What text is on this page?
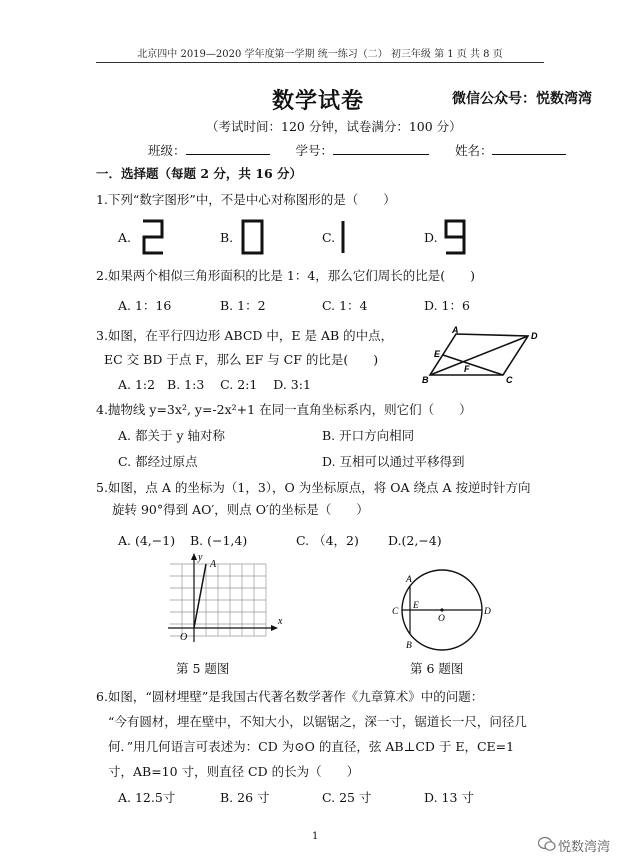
北京四中 2019—2020 学年度第一学期 统一练习（二） 初三年级 第 1 页 共 8 页
数学试卷	微信公众号：悦数湾湾
（考试时间：120 分钟，试卷满分：100 分）
班级：	学号：	姓名：
一．选择题（每题 2 分，共 16 分）
1.下列“数字图形”中，不是中心对称图形的是（　　）
A.	B.	C.	D.
2.如果两个相似三角形面积的比是 1：4，那么它们周长的比是(　　)
A. 1：16	B. 1：2	C. 1：4	D. 1：6
3.如图，在平行四边形 ABCD 中，E 是 AB 的中点，
EC 交 BD 于点 F，那么 EF 与 CF 的比是(　　)
A. 1:2 B. 1:3 C. 2:1 D. 3:1
A
D
E
F
B	C
4.抛物线 y=3x², y=-2x²+1 在同一直角坐标系内，则它们（　　）
A. 都关于 y 轴对称	B. 开口方向相同
C. 都经过原点	D. 互相可以通过平移得到
5.如图，点 A 的坐标为（1，3），O 为坐标原点，将 OA 绕点 A 按逆时针方向
旋转 90°得到 AO′，则点 O′的坐标是（　　）
A. (4,−1) B. (−1,4)	C. （4，2) D.(2,−4)
y
x
O
A
第 5 题图
A
C
E
O
D
B
第 6 题图
6.如图，“圆材埋壁”是我国古代著名数学著作《九章算术》中的问题：
“今有圆材，埋在壁中，不知大小，以锯锯之，深一寸，锯道长一尺，问径几
何．”用几何语言可表述为：CD 为⊙O 的直径，弦 AB⊥CD 于 E，CE=1
寸，AB=10 寸，则直径 CD 的长为（　　）
A. 12.5寸	B. 26 寸	C. 25 寸	D. 13 寸
1
悦数湾湾
